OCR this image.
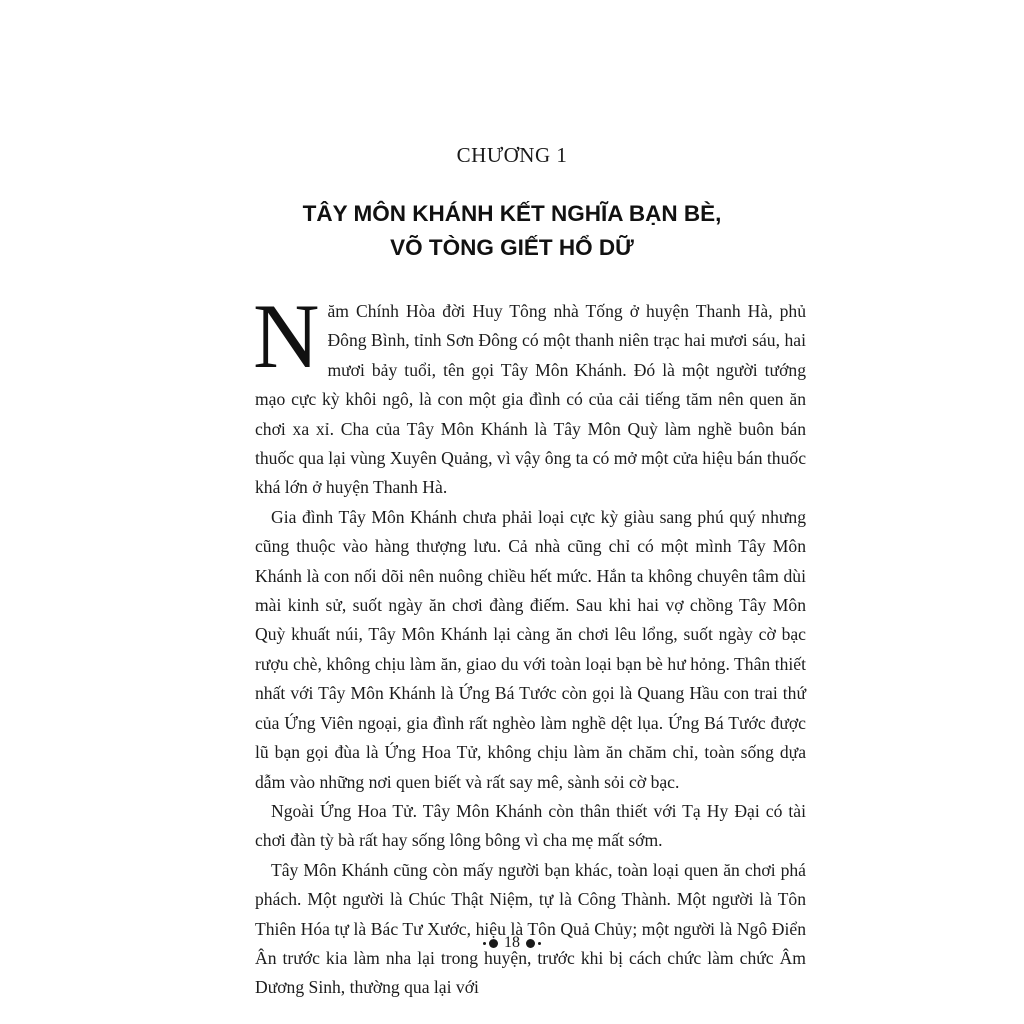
CHƯƠNG 1
TÂY MÔN KHÁNH KẾT NGHĨA BẠN BÈ,
VÕ TÒNG GIẾT HỔ DỮ

Năm Chính Hòa đời Huy Tông nhà Tống ở huyện Thanh Hà, phủ Đông Bình, tỉnh Sơn Đông có một thanh niên trạc hai mươi sáu, hai mươi bảy tuổi, tên gọi Tây Môn Khánh. Đó là một người tướng mạo cực kỳ khôi ngô, là con một gia đình có của cải tiếng tăm nên quen ăn chơi xa xỉ. Cha của Tây Môn Khánh là Tây Môn Quỳ làm nghề buôn bán thuốc qua lại vùng Xuyên Quảng, vì vậy ông ta có mở một cửa hiệu bán thuốc khá lớn ở huyện Thanh Hà.

Gia đình Tây Môn Khánh chưa phải loại cực kỳ giàu sang phú quý nhưng cũng thuộc vào hàng thượng lưu. Cả nhà cũng chỉ có một mình Tây Môn Khánh là con nối dõi nên nuông chiều hết mức. Hắn ta không chuyên tâm dùi mài kinh sử, suốt ngày ăn chơi đàng điếm. Sau khi hai vợ chồng Tây Môn Quỳ khuất núi, Tây Môn Khánh lại càng ăn chơi lêu lổng, suốt ngày cờ bạc rượu chè, không chịu làm ăn, giao du với toàn loại bạn bè hư hỏng. Thân thiết nhất với Tây Môn Khánh là Ứng Bá Tước còn gọi là Quang Hầu con trai thứ của Ứng Viên ngoại, gia đình rất nghèo làm nghề dệt lụa. Ứng Bá Tước được lũ bạn gọi đùa là Ứng Hoa Tử, không chịu làm ăn chăm chỉ, toàn sống dựa dẫm vào những nơi quen biết và rất say mê, sành sỏi cờ bạc.

Ngoài Ứng Hoa Tử. Tây Môn Khánh còn thân thiết với Tạ Hy Đại có tài chơi đàn tỳ bà rất hay sống lông bông vì cha mẹ mất sớm.

Tây Môn Khánh cũng còn mấy người bạn khác, toàn loại quen ăn chơi phá phách. Một người là Chúc Thật Niệm, tự là Công Thành. Một người là Tôn Thiên Hóa tự là Bác Tư Xước, hiệu là Tôn Quả Chủy; một người là Ngô Điển Ân trước kia làm nha lại trong huyện, trước khi bị cách chức làm chức Âm Dương Sinh, thường qua lại với

18
